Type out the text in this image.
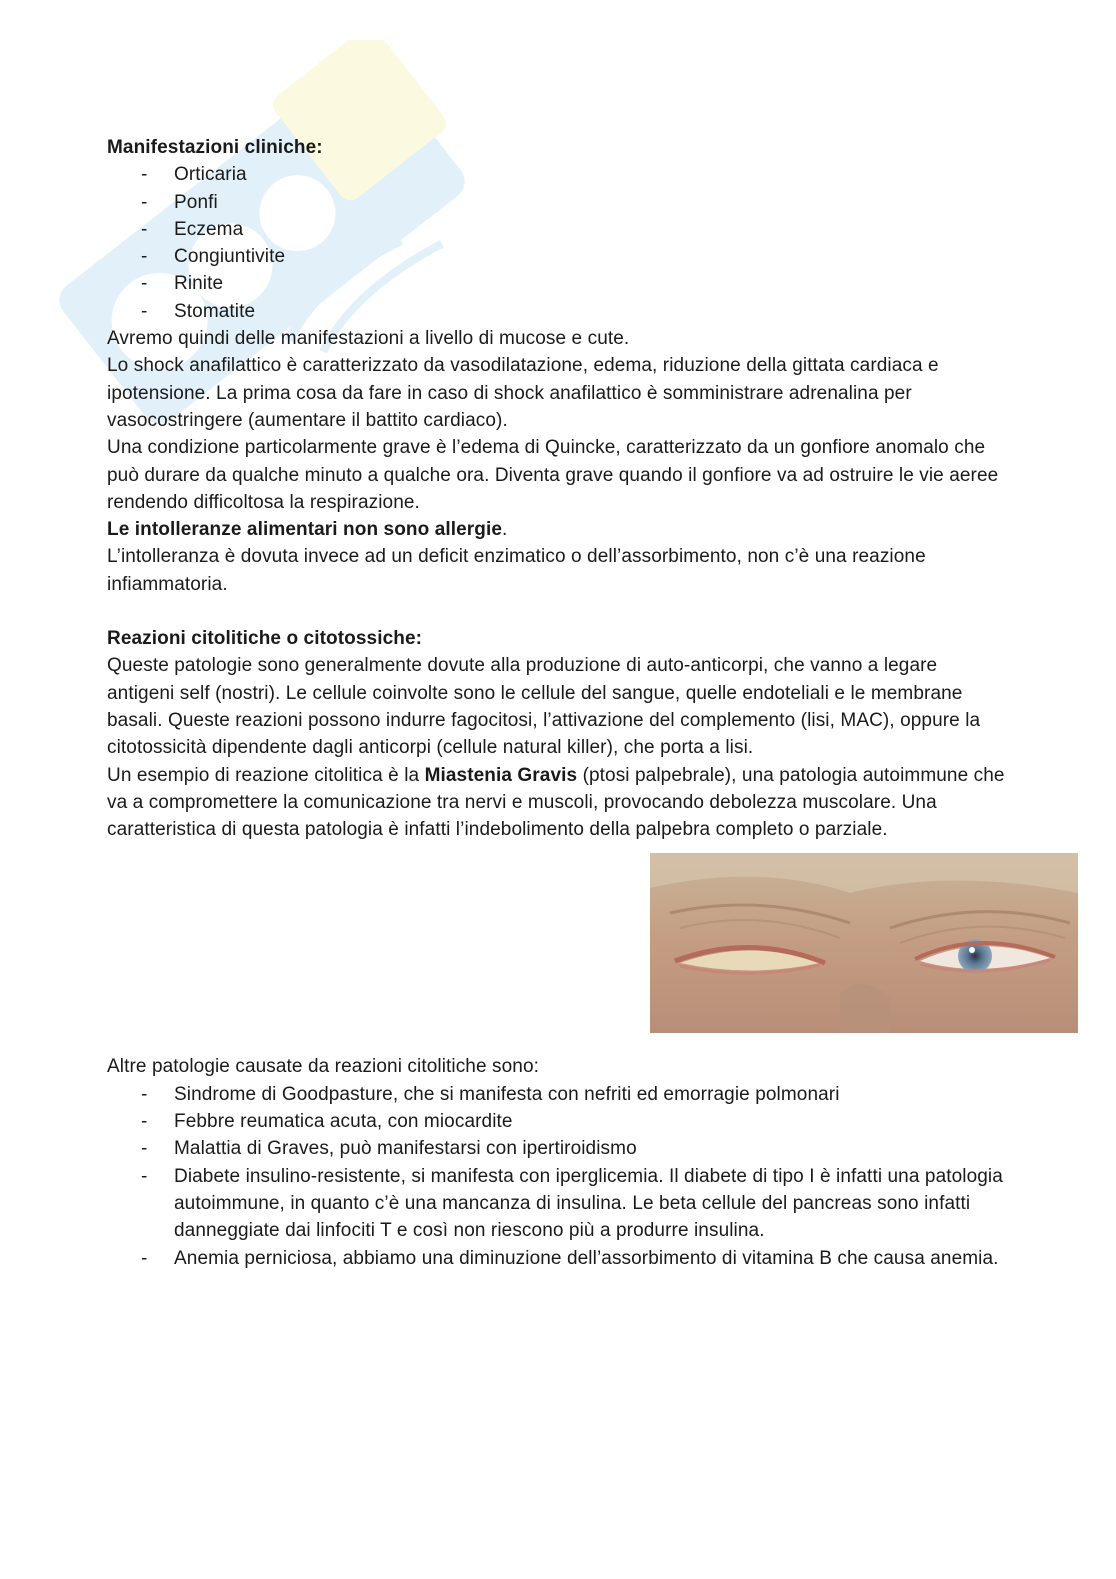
Manifestazioni cliniche:

- Orticaria
- Ponfi
- Eczema
- Congiuntivite
- Rinite
- Stomatite

Avremo quindi delle manifestazioni a livello di mucose e cute.

Lo shock anafilattico è caratterizzato da vasodilatazione, edema, riduzione della gittata cardiaca e ipotensione. La prima cosa da fare in caso di shock anafilattico è somministrare adrenalina per vasocostringere (aumentare il battito cardiaco).

Una condizione particolarmente grave è l’edema di Quincke, caratterizzato da un gonfiore anomalo che può durare da qualche minuto a qualche ora. Diventa grave quando il gonfiore va ad ostruire le vie aeree rendendo difficoltosa la respirazione.

Le intolleranze alimentari non sono allergie.

L’intolleranza è dovuta invece ad un deficit enzimatico o dell’assorbimento, non c’è una reazione infiammatoria.

Reazioni citolitiche o citotossiche:

Queste patologie sono generalmente dovute alla produzione di auto-anticorpi, che vanno a legare antigeni self (nostri). Le cellule coinvolte sono le cellule del sangue, quelle endoteliali e le membrane basali. Queste reazioni possono indurre fagocitosi, l’attivazione del complemento (lisi, MAC), oppure la citotossicità dipendente dagli anticorpi (cellule natural killer), che porta a lisi.

Un esempio di reazione citolitica è la Miastenia Gravis (ptosi palpebrale), una patologia autoimmune che va a compromettere la comunicazione tra nervi e muscoli, provocando debolezza muscolare. Una caratteristica di questa patologia è infatti l’indebolimento della palpebra completo o parziale.

Altre patologie causate da reazioni citolitiche sono:

- Sindrome di Goodpasture, che si manifesta con nefriti ed emorragie polmonari
- Febbre reumatica acuta, con miocardite
- Malattia di Graves, può manifestarsi con ipertiroidismo
- Diabete insulino-resistente, si manifesta con iperglicemia. Il diabete di tipo I è infatti una patologia autoimmune, in quanto c’è una mancanza di insulina. Le beta cellule del pancreas sono infatti danneggiate dai linfociti T e così non riescono più a produrre insulina.
- Anemia perniciosa, abbiamo una diminuzione dell’assorbimento di vitamina B che causa anemia.
